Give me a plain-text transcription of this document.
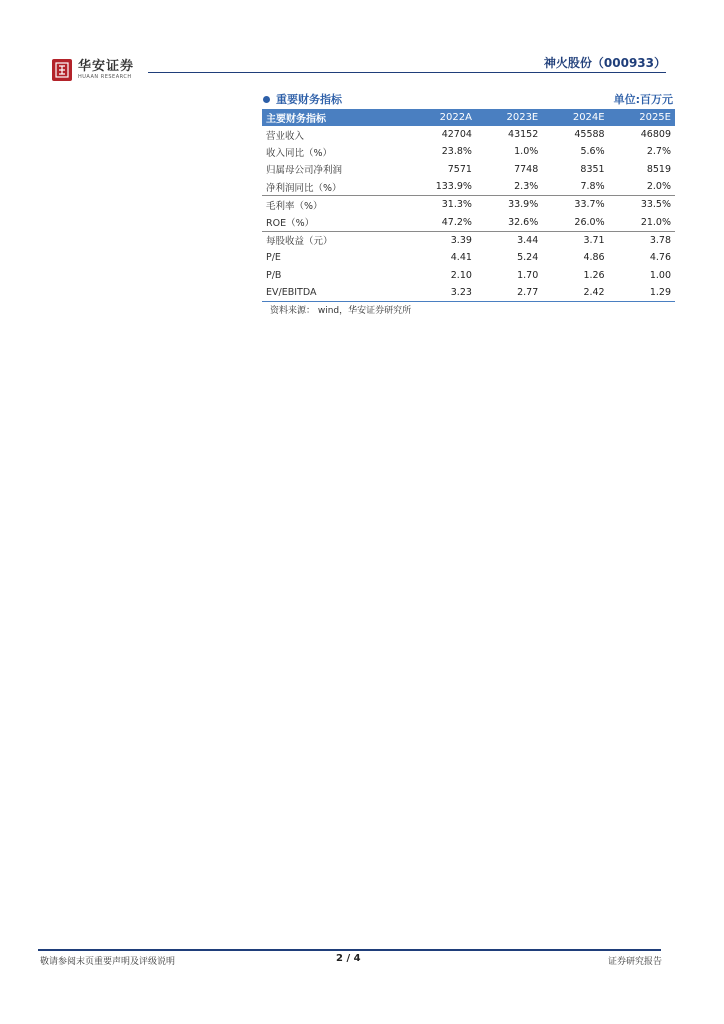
华安证券
HUAAN RESEARCH
神火股份（000933）
重要财务指标	单位:百万元
主要财务指标	2022A	2023E	2024E	2025E
营业收入	42704	43152	45588	46809
收入同比（%）	23.8%	1.0%	5.6%	2.7%
归属母公司净利润	7571	7748	8351	8519
净利润同比（%）	133.9%	2.3%	7.8%	2.0%
毛利率（%）	31.3%	33.9%	33.7%	33.5%
ROE（%）	47.2%	32.6%	26.0%	21.0%
每股收益（元）	3.39	3.44	3.71	3.78
P/E	4.41	5.24	4.86	4.76
P/B	2.10	1.70	1.26	1.00
EV/EBITDA	3.23	2.77	2.42	1.29
资料来源： wind，华安证券研究所
敬请参阅末页重要声明及评级说明	2 / 4	证券研究报告
